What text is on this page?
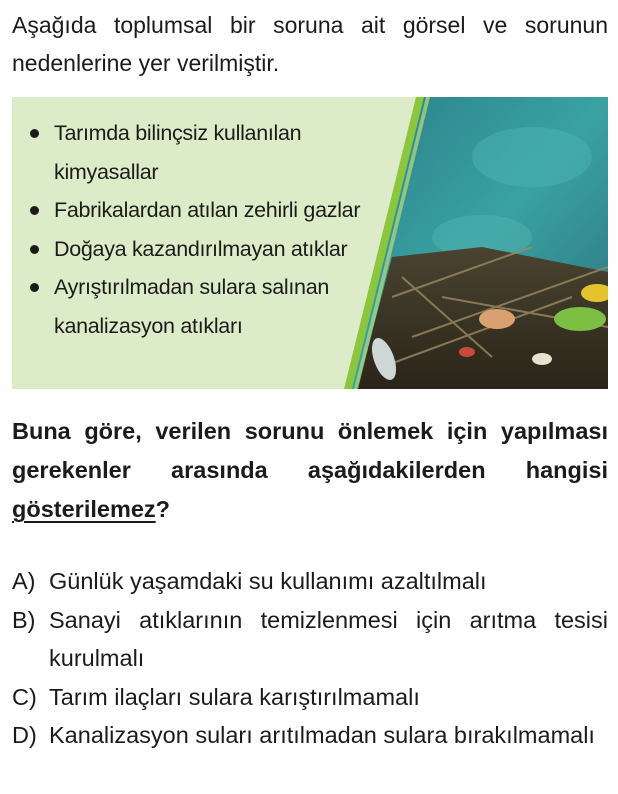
Aşağıda toplumsal bir soruna ait görsel ve sorunun nedenlerine yer verilmiştir.
Tarımda bilinçsiz kullanılan kimyasallar
Fabrikalardan atılan zehirli gazlar
Doğaya kazandırılmayan atıklar
Ayrıştırılmadan sulara salınan kanalizasyon atıkları
Buna göre, verilen sorunu önlemek için yapılması gerekenler arasında aşağıdakilerden hangisi gösterilemez?
A) Günlük yaşamdaki su kullanımı azaltılmalı
B) Sanayi atıklarının temizlenmesi için arıtma tesisi kurulmalı
C) Tarım ilaçları sulara karıştırılmamalı
D) Kanalizasyon suları arıtılmadan sulara bırakılmamalı
